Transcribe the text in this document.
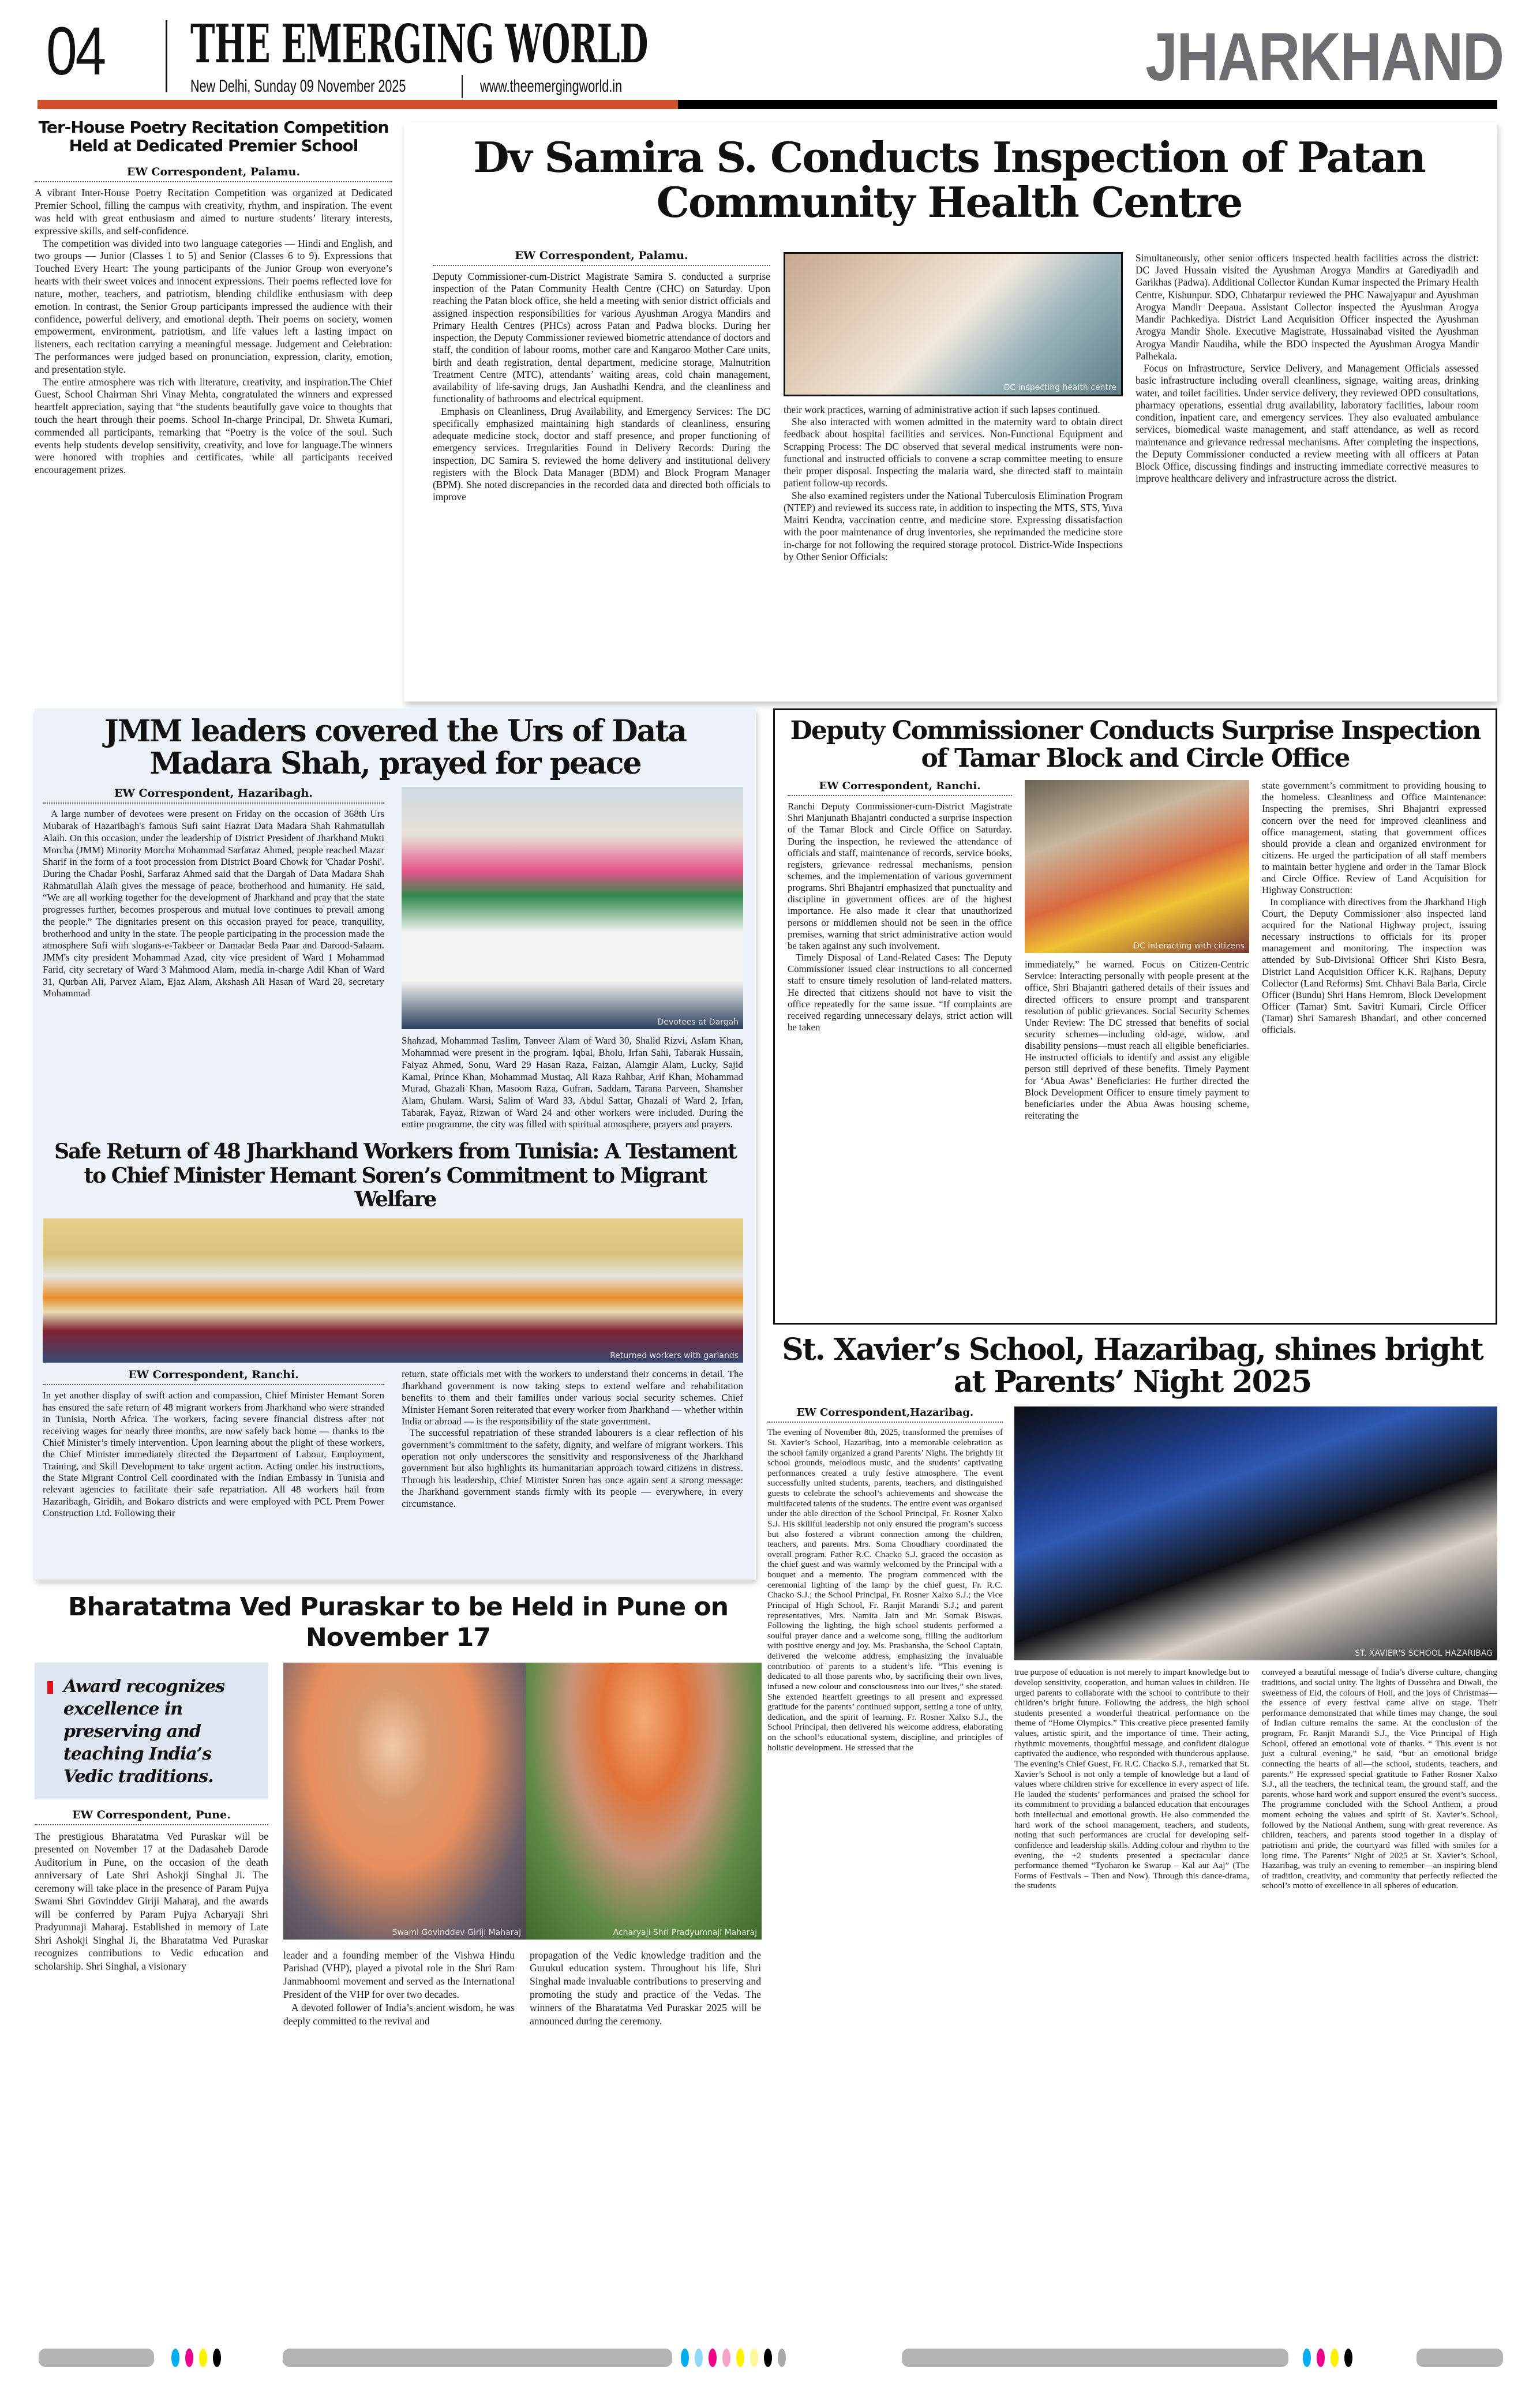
04 THE EMERGING WORLD
New Delhi, Sunday 09 November 2025	www.theemergingworld.in	JHARKHAND
Ter-House Poetry Recitation Competition Held at Dedicated Premier School
EW Correspondent, Palamu.

A vibrant Inter-House Poetry Recitation Competition was organized at Dedicated Premier School, filling the campus with creativity, rhythm, and inspiration. The event was held with great enthusiasm and aimed to nurture students’ literary interests, expressive skills, and self-confidence.

The competition was divided into two language categories — Hindi and English, and two groups — Junior (Classes 1 to 5) and Senior (Classes 6 to 9). Expressions that Touched Every Heart: The young participants of the Junior Group won everyone’s hearts with their sweet voices and innocent expressions. Their poems reflected love for nature, mother, teachers, and patriotism, blending childlike enthusiasm with deep emotion. In contrast, the Senior Group participants impressed the audience with their confidence, powerful delivery, and emotional depth. Their poems on society, women empowerment, environment, patriotism, and life values left a lasting impact on listeners, each recitation carrying a meaningful message. Judgement and Celebration: The performances were judged based on pronunciation, expression, clarity, emotion, and presentation style.

The entire atmosphere was rich with literature, creativity, and inspiration.The Chief Guest, School Chairman Shri Vinay Mehta, congratulated the winners and expressed heartfelt appreciation, saying that “the students beautifully gave voice to thoughts that touch the heart through their poems. School In-charge Principal, Dr. Shweta Kumari, commended all participants, remarking that “Poetry is the voice of the soul. Such events help students develop sensitivity, creativity, and love for language.The winners were honored with trophies and certificates, while all participants received encouragement prizes.

Dv Samira S. Conducts Inspection of Patan Community Health Centre
EW Correspondent, Palamu.

Deputy Commissioner-cum-District Magistrate Samira S. conducted a surprise inspection of the Patan Community Health Centre (CHC) on Saturday. Upon reaching the Patan block office, she held a meeting with senior district officials and assigned inspection responsibilities for various Ayushman Arogya Mandirs and Primary Health Centres (PHCs) across Patan and Padwa blocks. During her inspection, the Deputy Commissioner reviewed biometric attendance of doctors and staff, the condition of labour rooms, mother care and Kangaroo Mother Care units, birth and death registration, dental department, medicine storage, Malnutrition Treatment Centre (MTC), attendants’ waiting areas, cold chain management, availability of life-saving drugs, Jan Aushadhi Kendra, and the cleanliness and functionality of bathrooms and electrical equipment.

Emphasis on Cleanliness, Drug Availability, and Emergency Services: The DC specifically emphasized maintaining high standards of cleanliness, ensuring adequate medicine stock, doctor and staff presence, and proper functioning of emergency services. Irregularities Found in Delivery Records: During the inspection, DC Samira S. reviewed the home delivery and institutional delivery registers with the Block Data Manager (BDM) and Block Program Manager (BPM). She noted discrepancies in the recorded data and directed both officials to improve

DC inspecting health centre

their work practices, warning of administrative action if such lapses continued.

She also interacted with women admitted in the maternity ward to obtain direct feedback about hospital facilities and services. Non-Functional Equipment and Scrapping Process: The DC observed that several medical instruments were non-functional and instructed officials to convene a scrap committee meeting to ensure their proper disposal. Inspecting the malaria ward, she directed staff to maintain patient follow-up records.

She also examined registers under the National Tuberculosis Elimination Program (NTEP) and reviewed its success rate, in addition to inspecting the MTS, STS, Yuva Maitri Kendra, vaccination centre, and medicine store. Expressing dissatisfaction with the poor maintenance of drug inventories, she reprimanded the medicine store in-charge for not following the required storage protocol. District-Wide Inspections by Other Senior Officials:

Simultaneously, other senior officers inspected health facilities across the district: DC Javed Hussain visited the Ayushman Arogya Mandirs at Garediyadih and Garikhas (Padwa). Additional Collector Kundan Kumar inspected the Primary Health Centre, Kishunpur. SDO, Chhatarpur reviewed the PHC Nawajyapur and Ayushman Arogya Mandir Deepaua. Assistant Collector inspected the Ayushman Arogya Mandir Pachkediya. District Land Acquisition Officer inspected the Ayushman Arogya Mandir Shole. Executive Magistrate, Hussainabad visited the Ayushman Arogya Mandir Naudiha, while the BDO inspected the Ayushman Arogya Mandir Palhekala.

Focus on Infrastructure, Service Delivery, and Management Officials assessed basic infrastructure including overall cleanliness, signage, waiting areas, drinking water, and toilet facilities. Under service delivery, they reviewed OPD consultations, pharmacy operations, essential drug availability, laboratory facilities, labour room condition, inpatient care, and emergency services. They also evaluated ambulance services, biomedical waste management, and staff attendance, as well as record maintenance and grievance redressal mechanisms. After completing the inspections, the Deputy Commissioner conducted a review meeting with all officers at Patan Block Office, discussing findings and instructing immediate corrective measures to improve healthcare delivery and infrastructure across the district.

JMM leaders covered the Urs of Data Madara Shah, prayed for peace
EW Correspondent, Hazaribagh.

A large number of devotees were present on Friday on the occasion of 368th Urs Mubarak of Hazaribagh's famous Sufi saint Hazrat Data Madara Shah Rahmatullah Alaih. On this occasion, under the leadership of District President of Jharkhand Mukti Morcha (JMM) Minority Morcha Mohammad Sarfaraz Ahmed, people reached Mazar Sharif in the form of a foot procession from District Board Chowk for 'Chadar Poshi'. During the Chadar Poshi, Sarfaraz Ahmed said that the Dargah of Data Madara Shah Rahmatullah Alaih gives the message of peace, brotherhood and humanity. He said, “We are all working together for the development of Jharkhand and pray that the state progresses further, becomes prosperous and mutual love continues to prevail among the people.” The dignitaries present on this occasion prayed for peace, tranquility, brotherhood and unity in the state. The people participating in the procession made the atmosphere Sufi with slogans-e-Takbeer or Damadar Beda Paar and Darood-Salaam. JMM's city president Mohammad Azad, city vice president of Ward 1 Mohammad Farid, city secretary of Ward 3 Mahmood Alam, media in-charge Adil Khan of Ward 31, Qurban Ali, Parvez Alam, Ejaz Alam, Akshash Ali Hasan of Ward 28, secretary Mohammad

Devotees at Dargah

Shahzad, Mohammad Taslim, Tanveer Alam of Ward 30, Shalid Rizvi, Aslam Khan, Mohammad were present in the program. Iqbal, Bholu, Irfan Sahi, Tabarak Hussain, Faiyaz Ahmed, Sonu, Ward 29 Hasan Raza, Faizan, Alamgir Alam, Lucky, Sajid Kamal, Prince Khan, Mohammad Mustaq, Ali Raza Rahbar, Arif Khan, Mohammad Murad, Ghazali Khan, Masoom Raza, Gufran, Saddam, Tarana Parveen, Shamsher Alam, Ghulam. Warsi, Salim of Ward 33, Abdul Sattar, Ghazali of Ward 2, Irfan, Tabarak, Fayaz, Rizwan of Ward 24 and other workers were included. During the entire programme, the city was filled with spiritual atmosphere, prayers and prayers.

Safe Return of 48 Jharkhand Workers from Tunisia: A Testament to Chief Minister Hemant Soren’s Commitment to Migrant Welfare
Returned workers with garlands
EW Correspondent, Ranchi.

In yet another display of swift action and compassion, Chief Minister Hemant Soren has ensured the safe return of 48 migrant workers from Jharkhand who were stranded in Tunisia, North Africa. The workers, facing severe financial distress after not receiving wages for nearly three months, are now safely back home — thanks to the Chief Minister’s timely intervention. Upon learning about the plight of these workers, the Chief Minister immediately directed the Department of Labour, Employment, Training, and Skill Development to take urgent action. Acting under his instructions, the State Migrant Control Cell coordinated with the Indian Embassy in Tunisia and relevant agencies to facilitate their safe repatriation. All 48 workers hail from Hazaribagh, Giridih, and Bokaro districts and were employed with PCL Prem Power Construction Ltd. Following their

return, state officials met with the workers to understand their concerns in detail. The Jharkhand government is now taking steps to extend welfare and rehabilitation benefits to them and their families under various social security schemes. Chief Minister Hemant Soren reiterated that every worker from Jharkhand — whether within India or abroad — is the responsibility of the state government.

The successful repatriation of these stranded labourers is a clear reflection of his government’s commitment to the safety, dignity, and welfare of migrant workers. This operation not only underscores the sensitivity and responsiveness of the Jharkhand government but also highlights its humanitarian approach toward citizens in distress. Through his leadership, Chief Minister Soren has once again sent a strong message: the Jharkhand government stands firmly with its people — everywhere, in every circumstance.

Deputy Commissioner Conducts Surprise Inspection of Tamar Block and Circle Office
EW Correspondent, Ranchi.

Ranchi Deputy Commissioner-cum-District Magistrate Shri Manjunath Bhajantri conducted a surprise inspection of the Tamar Block and Circle Office on Saturday. During the inspection, he reviewed the attendance of officials and staff, maintenance of records, service books, registers, grievance redressal mechanisms, pension schemes, and the implementation of various government programs. Shri Bhajantri emphasized that punctuality and discipline in government offices are of the highest importance. He also made it clear that unauthorized persons or middlemen should not be seen in the office premises, warning that strict administrative action would be taken against any such involvement.

Timely Disposal of Land-Related Cases: The Deputy Commissioner issued clear instructions to all concerned staff to ensure timely resolution of land-related matters. He directed that citizens should not have to visit the office repeatedly for the same issue. “If complaints are received regarding unnecessary delays, strict action will be taken

DC interacting with citizens

immediately,” he warned. Focus on Citizen-Centric Service: Interacting personally with people present at the office, Shri Bhajantri gathered details of their issues and directed officers to ensure prompt and transparent resolution of public grievances. Social Security Schemes Under Review: The DC stressed that benefits of social security schemes—including old-age, widow, and disability pensions—must reach all eligible beneficiaries. He instructed officials to identify and assist any eligible person still deprived of these benefits. Timely Payment for ‘Abua Awas’ Beneficiaries: He further directed the Block Development Officer to ensure timely payment to beneficiaries under the Abua Awas housing scheme, reiterating the

state government’s commitment to providing housing to the homeless. Cleanliness and Office Maintenance: Inspecting the premises, Shri Bhajantri expressed concern over the need for improved cleanliness and office management, stating that government offices should provide a clean and organized environment for citizens. He urged the participation of all staff members to maintain better hygiene and order in the Tamar Block and Circle Office. Review of Land Acquisition for Highway Construction:

In compliance with directives from the Jharkhand High Court, the Deputy Commissioner also inspected land acquired for the National Highway project, issuing necessary instructions to officials for its proper management and monitoring. The inspection was attended by Sub-Divisional Officer Shri Kisto Besra, District Land Acquisition Officer K.K. Rajhans, Deputy Collector (Land Reforms) Smt. Chhavi Bala Barla, Circle Officer (Bundu) Shri Hans Hemrom, Block Development Officer (Tamar) Smt. Savitri Kumari, Circle Officer (Tamar) Shri Samaresh Bhandari, and other concerned officials.

Bharatatma Ved Puraskar to be Held in Pune on November 17
Award recognizes excellence in preserving and teaching India’s Vedic traditions.
EW Correspondent, Pune.

The prestigious Bharatatma Ved Puraskar will be presented on November 17 at the Dadasaheb Darode Auditorium in Pune, on the occasion of the death anniversary of Late Shri Ashokji Singhal Ji. The ceremony will take place in the presence of Param Pujya Swami Shri Govinddev Giriji Maharaj, and the awards will be conferred by Param Pujya Acharyaji Shri Pradyumnaji Maharaj. Established in memory of Late Shri Ashokji Singhal Ji, the Bharatatma Ved Puraskar recognizes contributions to Vedic education and scholarship. Shri Singhal, a visionary

Swami Govinddev Giriji Maharaj	Acharyaji Shri Pradyumnaji Maharaj

leader and a founding member of the Vishwa Hindu Parishad (VHP), played a pivotal role in the Shri Ram Janmabhoomi movement and served as the International President of the VHP for over two decades.

A devoted follower of India’s ancient wisdom, he was deeply committed to the revival and

propagation of the Vedic knowledge tradition and the Gurukul education system. Throughout his life, Shri Singhal made invaluable contributions to preserving and promoting the study and practice of the Vedas. The winners of the Bharatatma Ved Puraskar 2025 will be announced during the ceremony.

St. Xavier’s School, Hazaribag, shines bright at Parents’ Night 2025
EW Correspondent,Hazaribag.

The evening of November 8th, 2025, transformed the premises of St. Xavier’s School, Hazaribag, into a memorable celebration as the school family organized a grand Parents’ Night. The brightly lit school grounds, melodious music, and the students’ captivating performances created a truly festive atmosphere. The event successfully united students, parents, teachers, and distinguished guests to celebrate the school’s achievements and showcase the multifaceted talents of the students. The entire event was organised under the able direction of the School Principal, Fr. Rosner Xalxo S.J. His skillful leadership not only ensured the program’s success but also fostered a vibrant connection among the children, teachers, and parents. Mrs. Soma Choudhary coordinated the overall program. Father R.C. Chacko S.J. graced the occasion as the chief guest and was warmly welcomed by the Principal with a bouquet and a memento. The program commenced with the ceremonial lighting of the lamp by the chief guest, Fr. R.C. Chacko S.J.; the School Principal, Fr. Rosner Xalxo S.J.; the Vice Principal of High School, Fr. Ranjit Marandi S.J.; and parent representatives, Mrs. Namita Jain and Mr. Somak Biswas. Following the lighting, the high school students performed a soulful prayer dance and a welcome song, filling the auditorium with positive energy and joy. Ms. Prashansha, the School Captain, delivered the welcome address, emphasizing the invaluable contribution of parents to a student’s life. “This evening is dedicated to all those parents who, by sacrificing their own lives, infused a new colour and consciousness into our lives,” she stated. She extended heartfelt greetings to all present and expressed gratitude for the parents’ continued support, setting a tone of unity, dedication, and the spirit of learning. Fr. Rosner Xalxo S.J., the School Principal, then delivered his welcome address, elaborating on the school’s educational system, discipline, and principles of holistic development. He stressed that the

ST. XAVIER'S SCHOOL HAZARIBAG

true purpose of education is not merely to impart knowledge but to develop sensitivity, cooperation, and human values in children. He urged parents to collaborate with the school to contribute to their children’s bright future. Following the address, the high school students presented a wonderful theatrical performance on the theme of “Home Olympics.” This creative piece presented family values, artistic spirit, and the importance of time. Their acting, rhythmic movements, thoughtful message, and confident dialogue captivated the audience, who responded with thunderous applause. The evening’s Chief Guest, Fr. R.C. Chacko S.J., remarked that St. Xavier’s School is not only a temple of knowledge but a land of values where children strive for excellence in every aspect of life. He lauded the students’ performances and praised the school for its commitment to providing a balanced education that encourages both intellectual and emotional growth. He also commended the hard work of the school management, teachers, and students, noting that such performances are crucial for developing self-confidence and leadership skills. Adding colour and rhythm to the evening, the +2 students presented a spectacular dance performance themed “Tyoharon ke Swarup – Kal aur Aaj” (The Forms of Festivals – Then and Now). Through this dance-drama, the students

conveyed a beautiful message of India’s diverse culture, changing traditions, and social unity. The lights of Dussehra and Diwali, the sweetness of Eid, the colours of Holi, and the joys of Christmas—the essence of every festival came alive on stage. Their performance demonstrated that while times may change, the soul of Indian culture remains the same. At the conclusion of the program, Fr. Ranjit Marandi S.J., the Vice Principal of High School, offered an emotional vote of thanks. “ This event is not just a cultural evening,” he said, “but an emotional bridge connecting the hearts of all—the school, students, teachers, and parents.” He expressed special gratitude to Father Rosner Xalxo S.J., all the teachers, the technical team, the ground staff, and the parents, whose hard work and support ensured the event’s success. The programme concluded with the School Anthem, a proud moment echoing the values and spirit of St. Xavier’s School, followed by the National Anthem, sung with great reverence. As children, teachers, and parents stood together in a display of patriotism and pride, the courtyard was filled with smiles for a long time. The Parents’ Night of 2025 at St. Xavier’s School, Hazaribag, was truly an evening to remember—an inspiring blend of tradition, creativity, and community that perfectly reflected the school’s motto of excellence in all spheres of education.
